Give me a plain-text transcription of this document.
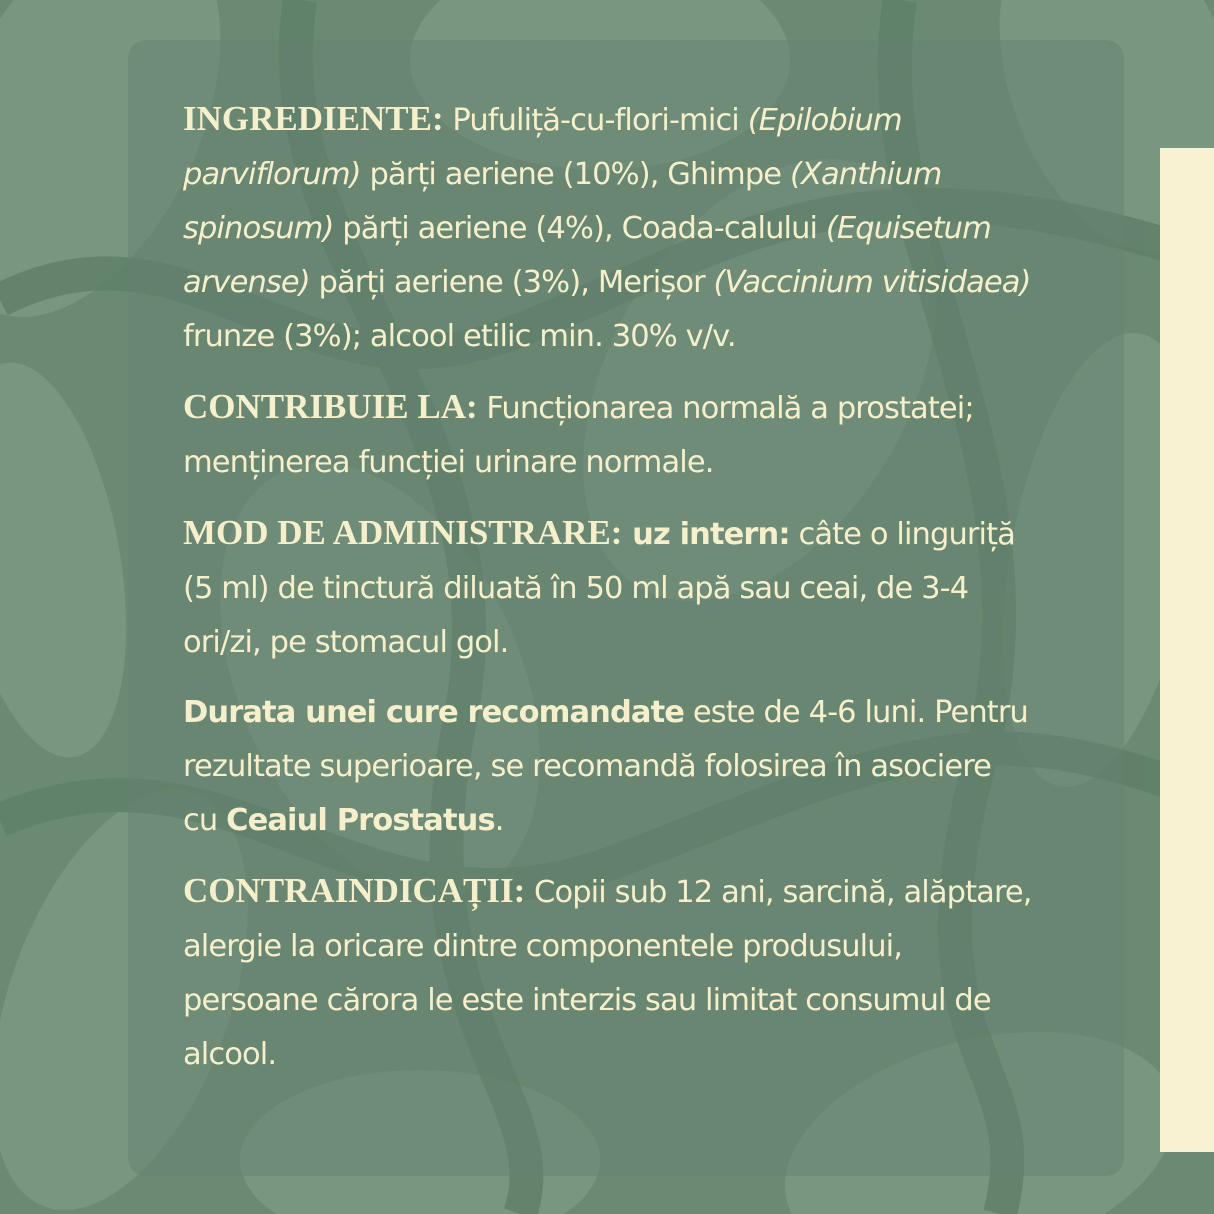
INGREDIENTE: Pufuliță-cu-flori-mici (Epilobium parviflorum) părți aeriene (10%), Ghimpe (Xanthium spinosum) părți aeriene (4%), Coada-calului (Equisetum arvense) părți aeriene (3%), Merișor (Vaccinium vitisidaea) frunze (3%); alcool etilic min. 30% v/v.

CONTRIBUIE LA: Funcționarea normală a prostatei; menținerea funcției urinare normale.

MOD DE ADMINISTRARE: uz intern: câte o linguriță (5 ml) de tinctură diluată în 50 ml apă sau ceai, de 3-4 ori/zi, pe stomacul gol.

Durata unei cure recomandate este de 4-6 luni. Pentru rezultate superioare, se recomandă folosirea în asociere cu Ceaiul Prostatus.

CONTRAINDICAȚII: Copii sub 12 ani, sarcină, alăptare, alergie la oricare dintre componentele produsului, persoane cărora le este interzis sau limitat consumul de alcool.
